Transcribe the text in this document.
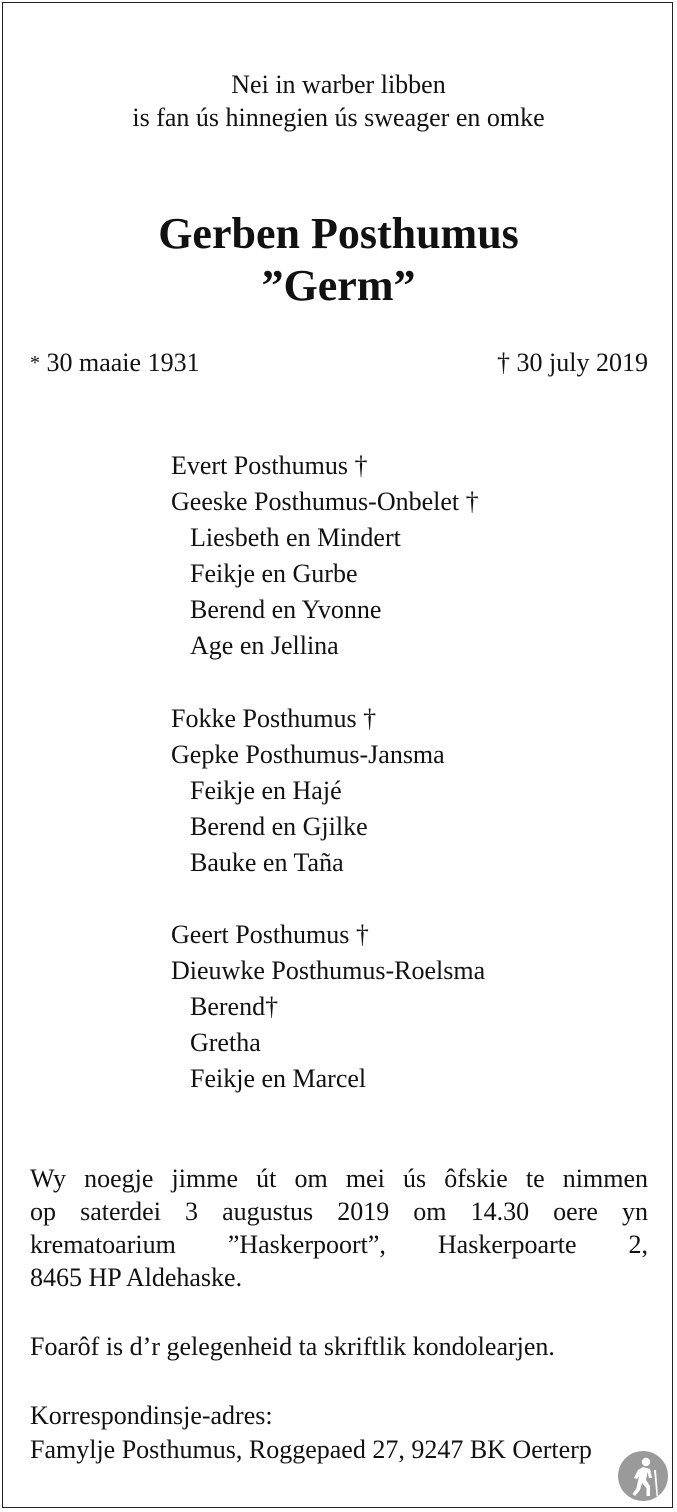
Nei in warber libben
is fan ús hinnegien ús sweager en omke
Gerben Posthumus
”Germ”
* 30 maaie 1931	† 30 july 2019
Evert Posthumus †
Geeske Posthumus-Onbelet †
Liesbeth en Mindert
Feikje en Gurbe
Berend en Yvonne
Age en Jellina
Fokke Posthumus †
Gepke Posthumus-Jansma
Feikje en Hajé
Berend en Gjilke
Bauke en Taña
Geert Posthumus †
Dieuwke Posthumus-Roelsma
Berend†
Gretha
Feikje en Marcel
Wy noegje jimme út om mei ús ôfskie te nimmen
op saterdei 3 augustus 2019 om 14.30 oere yn
krematoarium ”Haskerpoort”, Haskerpoarte 2,
8465 HP Aldehaske.
Foarôf is d’r gelegenheid ta skriftlik kondolearjen.
Korrespondinsje-adres:
Famylje Posthumus, Roggepaed 27, 9247 BK Oerterp
